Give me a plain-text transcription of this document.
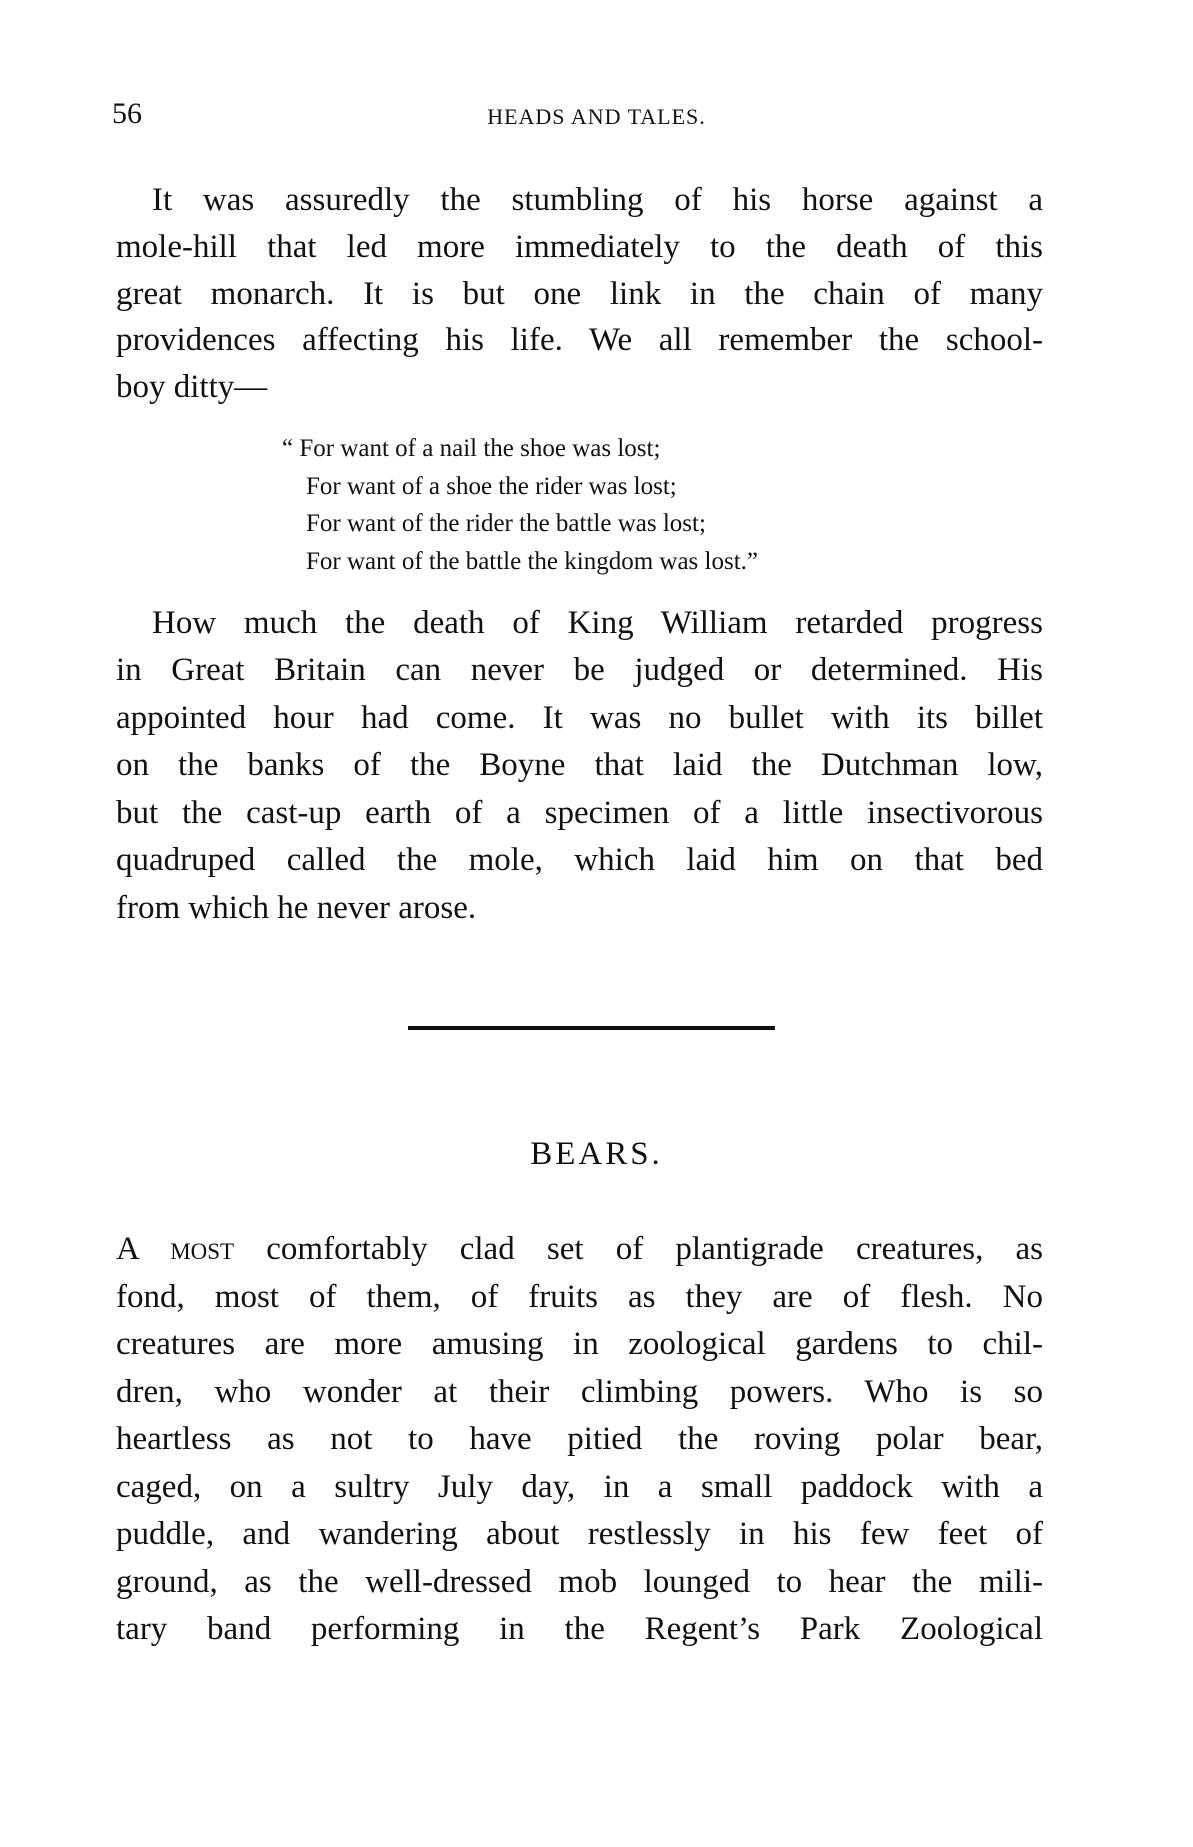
56	HEADS AND TALES.
It was assuredly the stumbling of his horse against a
mole-hill that led more immediately to the death of this
great monarch. It is but one link in the chain of many
providences affecting his life. We all remember the school-
boy ditty—
“ For want of a nail the shoe was lost;
For want of a shoe the rider was lost;
For want of the rider the battle was lost;
For want of the battle the kingdom was lost.”
How much the death of King William retarded progress
in Great Britain can never be judged or determined. His
appointed hour had come. It was no bullet with its billet
on the banks of the Boyne that laid the Dutchman low,
but the cast-up earth of a specimen of a little insectivorous
quadruped called the mole, which laid him on that bed
from which he never arose.
BEARS.
A most comfortably clad set of plantigrade creatures, as
fond, most of them, of fruits as they are of flesh. No
creatures are more amusing in zoological gardens to chil-
dren, who wonder at their climbing powers. Who is so
heartless as not to have pitied the roving polar bear,
caged, on a sultry July day, in a small paddock with a
puddle, and wandering about restlessly in his few feet of
ground, as the well-dressed mob lounged to hear the mili-
tary band performing in the Regent’s Park Zoological
